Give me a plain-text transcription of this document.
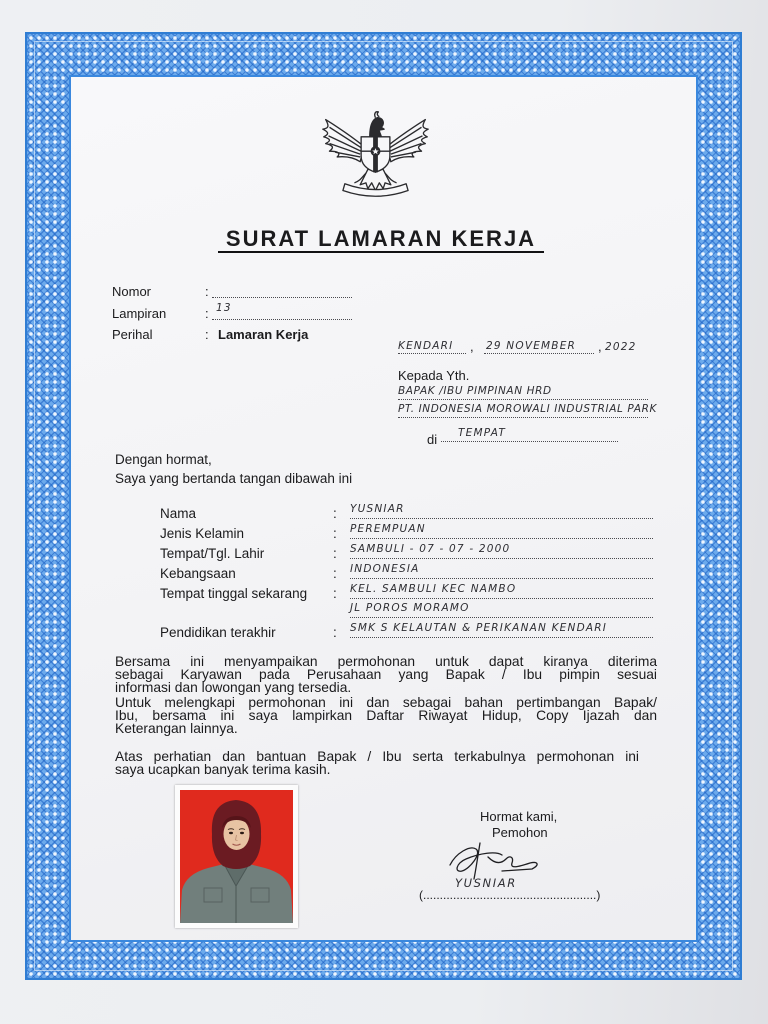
SURAT LAMARAN KERJA
Nomor	:
Lampiran	: 13
Perihal	: Lamaran Kerja
KENDARI	, 29 NOVEMBER	, 2022
Kepada Yth.
BAPAK /IBU PIMPINAN HRD
PT. INDONESIA MOROWALI INDUSTRIAL PARK
di	TEMPAT
Dengan hormat,
Saya yang bertanda tangan dibawah ini
Nama	: YUSNIAR
Jenis Kelamin	: PEREMPUAN
Tempat/Tgl. Lahir	: SAMBULI - 07 - 07 - 2000
Kebangsaan	: INDONESIA
Tempat tinggal sekarang : KEL. SAMBULI KEC NAMBO
JL POROS MORAMO
Pendidikan terakhir	: SMK S KELAUTAN & PERIKANAN KENDARI
Bersama ini menyampaikan permohonan untuk dapat kiranya diterima
sebagai Karyawan pada Perusahaan yang Bapak / Ibu pimpin sesuai
informasi dan lowongan yang tersedia.
Untuk melengkapi permohonan ini dan sebagai bahan pertimbangan Bapak/
Ibu, bersama ini saya lampirkan Daftar Riwayat Hidup, Copy Ijazah dan
Keterangan lainnya.
Atas perhatian dan bantuan Bapak / Ibu serta terkabulnya permohonan ini
saya ucapkan banyak terima kasih.
Hormat kami,
Pemohon
YUSNIAR
(....................................................)
